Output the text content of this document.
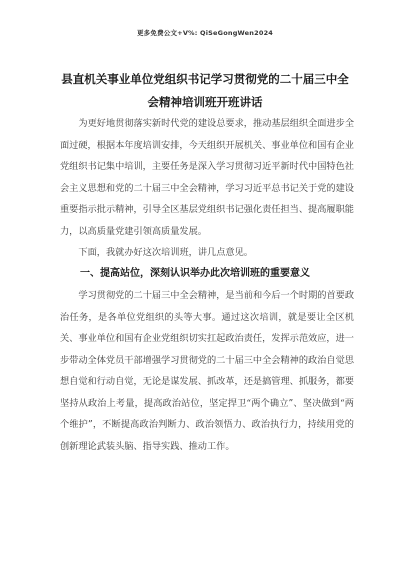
更多免费公文+V%: QiSeGongWen2024
县直机关事业单位党组织书记学习贯彻党的二十届三中全会精神培训班开班讲话

为更好地贯彻落实新时代党的建设总要求，推动基层组织全面进步全面过硬，根据本年度培训安排，今天组织开展机关、事业单位和国有企业党组织书记集中培训，主要任务是深入学习贯彻习近平新时代中国特色社会主义思想和党的二十届三中全会精神，学习习近平总书记关于党的建设重要指示批示精神，引导全区基层党组织书记强化责任担当、提高履职能力，以高质量党建引领高质量发展。

下面，我就办好这次培训班，讲几点意见。

一、提高站位，深刻认识举办此次培训班的重要意义

学习贯彻党的二十届三中全会精神，是当前和今后一个时期的首要政治任务，是各单位党组织的头等大事。通过这次培训，就是要让全区机关、事业单位和国有企业党组织切实扛起政治责任，发挥示范效应，进一步带动全体党员干部增强学习贯彻党的二十届三中全会精神的政治自觉思想自觉和行动自觉，无论是谋发展、抓改革，还是搞管理、抓服务，都要坚持从政治上考量，提高政治站位，坚定捍卫“两个确立”、坚决做到“两个维护”，不断提高政治判断力、政治领悟力、政治执行力，持续用党的创新理论武装头脑、指导实践、推动工作。
